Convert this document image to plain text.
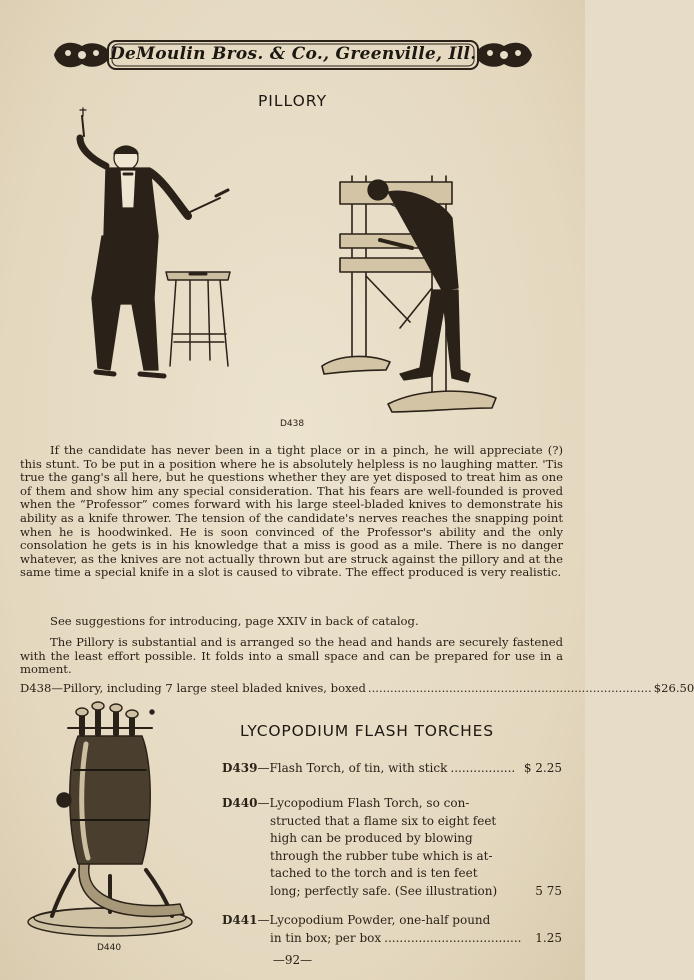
DeMoulin Bros. & Co., Greenville, Ill.
PILLORY
D438

If the candidate has never been in a tight place or in a pinch, he will appreciate (?) this stunt. To be put in a position where he is absolutely helpless is no laughing matter. 'Tis true the gang's all here, but he questions whether they are yet disposed to treat him as one of them and show him any special consideration. That his fears are well-founded is proved when the “Professor” comes forward with his large steel-bladed knives to demonstrate his ability as a knife thrower. The tension of the candidate's nerves reaches the snapping point when he is hoodwinked. He is soon convinced of the Professor's ability and the only consolation he gets is in his knowledge that a miss is good as a mile. There is no danger whatever, as the knives are not actually thrown but are struck against the pillory and at the same time a special knife in a slot is caused to vibrate. The effect produced is very realistic.

See suggestions for introducing, page XXIV in back of catalog.

The Pillory is substantial and is arranged so the head and hands are securely fastened with the least effort possible. It folds into a small space and can be prepared for use in a moment.

D438—Pillory, including 7 large steel bladed knives, boxed ............................................................................. $26.50
D440
LYCOPODIUM FLASH TORCHES
D439 —Flash Torch, of tin, with stick ................. $ 2.25
D440—Lycopodium Flash Torch, so con-
structed that a flame six to eight feet
high can be produced by blowing
through the rubber tube which is at-
tached to the torch and is ten feet
long; perfectly safe. (See illustration)	5 75
D441 —Lycopodium Powder, one-half pound
in tin box; per box ....................................	1.25
—92—
